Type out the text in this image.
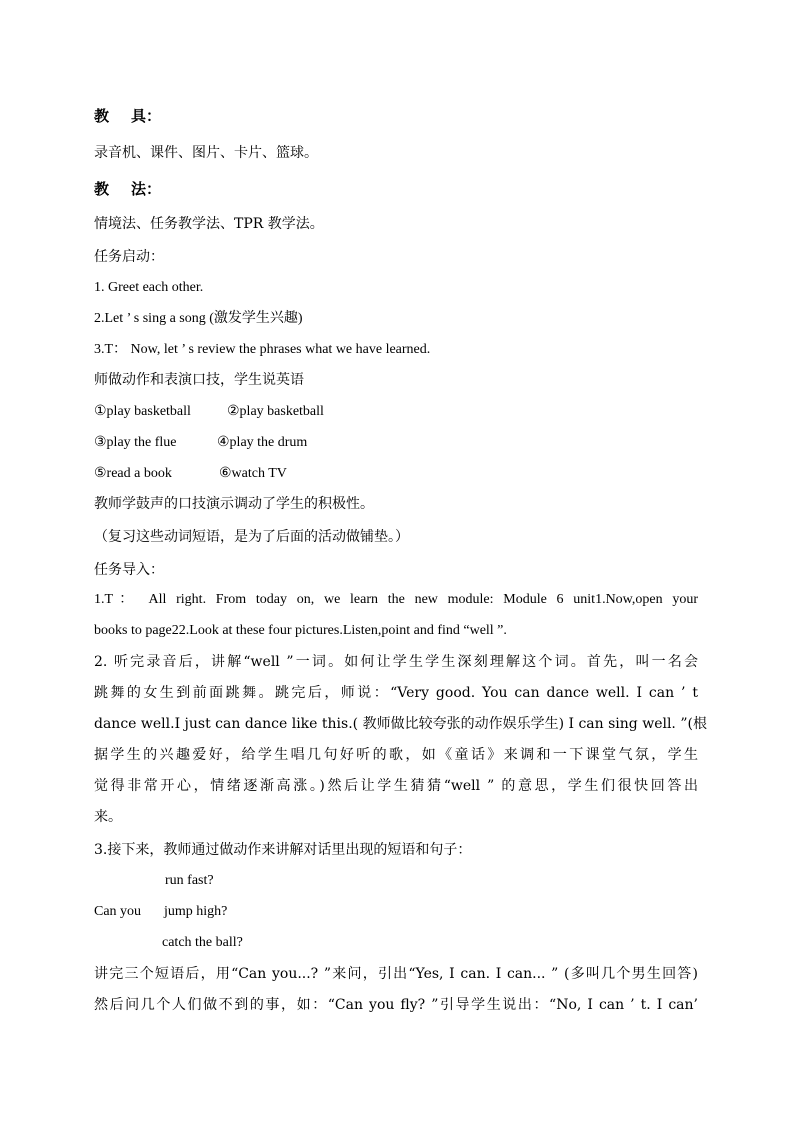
教 具：
录音机、课件、图片、卡片、篮球。
教 法：
情境法、任务教学法、TPR 教学法。
任务启动：
1. Greet each other.
2.Let ’ s sing a song (激发学生兴趣)
3.T： Now, let ’ s review the phrases what we have learned.
师做动作和表演口技，学生说英语
①play basketball	②play basketball
③play the flue	④play the drum
⑤read a book	⑥watch TV
教师学鼓声的口技演示调动了学生的积极性。
（复习这些动词短语，是为了后面的活动做铺垫。）
任务导入：
1.T： All right. From today on, we learn the new module: Module 6 unit1.Now,open your
books to page22.Look at these four pictures.Listen,point and find “well ”.
2. 听完录音后，讲解“well ”一词。如何让学生学生深刻理解这个词。首先，叫一名会
跳舞的女生到前面跳舞。跳完后，师说：“Very good. You can dance well. I can ’ t
dance well.I just can dance like this.( 教师做比较夸张的动作娱乐学生) I can sing well. ”(根
据学生的兴趣爱好，给学生唱几句好听的歌，如《童话》来调和一下课堂气氛，学生
觉得非常开心，情绪逐渐高涨。)然后让学生猜猜“well ” 的意思，学生们很快回答出
来。
3.接下来，教师通过做动作来讲解对话里出现的短语和句子：
run fast?
Can you jump high?
catch the ball?
讲完三个短语后，用“Can you...? ”来问，引出“Yes, I can. I can... ” (多叫几个男生回答)
然后问几个人们做不到的事，如：“Can you fly? ”引导学生说出：“No, I can ’ t. I can’
